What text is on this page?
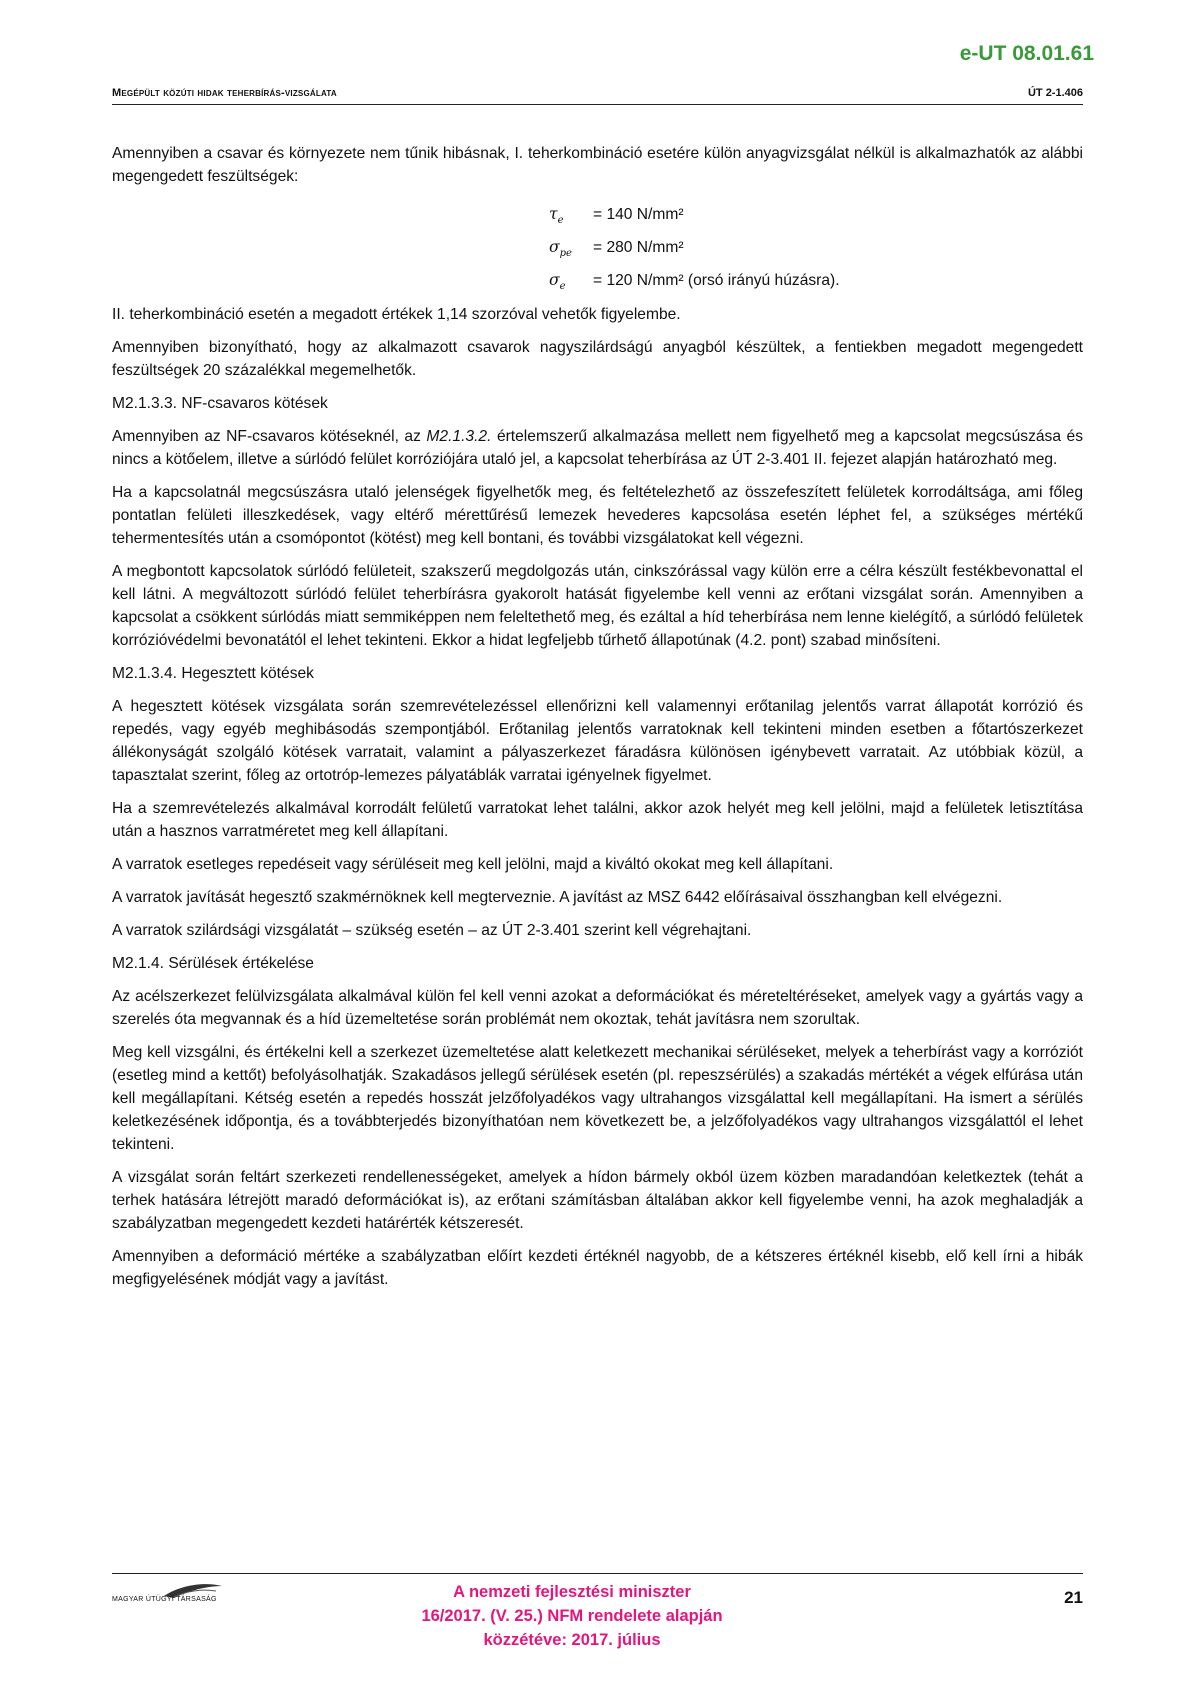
e-UT 08.01.61
Megépült közúti hidak teherbírás-vizsgálata	ÚT 2-1.406

Amennyiben a csavar és környezete nem tűnik hibásnak, I. teherkombináció esetére külön anyagvizsgálat nélkül is alkalmazhatók az alábbi megengedett feszültségek:

$\tau_e = 140$ N/mm²
$\sigma_{pe} = 280$ N/mm²
$\sigma_e = 120$ N/mm² (orsó irányú húzásra).

II. teherkombináció esetén a megadott értékek 1,14 szorzóval vehetők figyelembe.

Amennyiben bizonyítható, hogy az alkalmazott csavarok nagyszilárdságú anyagból készültek, a fentiekben megadott megengedett feszültségek 20 százalékkal megemelhetők.

M2.1.3.3. NF-csavaros kötések

Amennyiben az NF-csavaros kötéseknél, az M2.1.3.2. értelemszerű alkalmazása mellett nem figyelhető meg a kapcsolat megcsúszása és nincs a kötőelem, illetve a súrlódó felület korróziójára utaló jel, a kapcsolat teherbírása az ÚT 2-3.401 II. fejezet alapján határozható meg.

Ha a kapcsolatnál megcsúszásra utaló jelenségek figyelhetők meg, és feltételezhető az összefeszített felületek korrodáltsága, ami főleg pontatlan felületi illeszkedések, vagy eltérő mérettűrésű lemezek hevederes kapcsolása esetén léphet fel, a szükséges mértékű tehermentesítés után a csomópontot (kötést) meg kell bontani, és további vizsgálatokat kell végezni.

A megbontott kapcsolatok súrlódó felületeit, szakszerű megdolgozás után, cinkszórással vagy külön erre a célra készült festékbevonattal el kell látni. A megváltozott súrlódó felület teherbírásra gyakorolt hatását figyelembe kell venni az erőtani vizsgálat során. Amennyiben a kapcsolat a csökkent súrlódás miatt semmiképpen nem feleltethető meg, és ezáltal a híd teherbírása nem lenne kielégítő, a súrlódó felületek korrózióvédelmi bevonatától el lehet tekinteni. Ekkor a hidat legfeljebb tűrhető állapotúnak (4.2. pont) szabad minősíteni.

M2.1.3.4. Hegesztett kötések

A hegesztett kötések vizsgálata során szemrevételezéssel ellenőrizni kell valamennyi erőtanilag jelentős varrat állapotát korrózió és repedés, vagy egyéb meghibásodás szempontjából. Erőtanilag jelentős varratoknak kell tekinteni minden esetben a főtartószerkezet állékonyságát szolgáló kötések varratait, valamint a pályaszerkezet fáradásra különösen igénybevett varratait. Az utóbbiak közül, a tapasztalat szerint, főleg az ortotróp-lemezes pályatáblák varratai igényelnek figyelmet.

Ha a szemrevételezés alkalmával korrodált felületű varratokat lehet találni, akkor azok helyét meg kell jelölni, majd a felületek letisztítása után a hasznos varratméretet meg kell állapítani.

A varratok esetleges repedéseit vagy sérüléseit meg kell jelölni, majd a kiváltó okokat meg kell állapítani.

A varratok javítását hegesztő szakmérnöknek kell megterveznie. A javítást az MSZ 6442 előírásaival összhangban kell elvégezni.

A varratok szilárdsági vizsgálatát – szükség esetén – az ÚT 2-3.401 szerint kell végrehajtani.

M2.1.4. Sérülések értékelése

Az acélszerkezet felülvizsgálata alkalmával külön fel kell venni azokat a deformációkat és méreteltéréseket, amelyek vagy a gyártás vagy a szerelés óta megvannak és a híd üzemeltetése során problémát nem okoztak, tehát javításra nem szorultak.

Meg kell vizsgálni, és értékelni kell a szerkezet üzemeltetése alatt keletkezett mechanikai sérüléseket, melyek a teherbírást vagy a korróziót (esetleg mind a kettőt) befolyásolhatják. Szakadásos jellegű sérülések esetén (pl. repeszsérülés) a szakadás mértékét a végek elfúrása után kell megállapítani. Kétség esetén a repedés hosszát jelzőfolyadékos vagy ultrahangos vizsgálattal kell megállapítani. Ha ismert a sérülés keletkezésének időpontja, és a továbbterjedés bizonyíthatóan nem következett be, a jelzőfolyadékos vagy ultrahangos vizsgálattól el lehet tekinteni.

A vizsgálat során feltárt szerkezeti rendellenességeket, amelyek a hídon bármely okból üzem közben maradandóan keletkeztek (tehát a terhek hatására létrejött maradó deformációkat is), az erőtani számításban általában akkor kell figyelembe venni, ha azok meghaladják a szabályzatban megengedett kezdeti határérték kétszeresét.

Amennyiben a deformáció mértéke a szabályzatban előírt kezdeti értéknél nagyobb, de a kétszeres értéknél kisebb, elő kell írni a hibák megfigyelésének módját vagy a javítást.

MAGYAR ÚTÜGYI TÁRSASÁG	A nemzeti fejlesztési miniszter
16/2017. (V. 25.) NFM rendelete alapján
közzétéve: 2017. július
21
